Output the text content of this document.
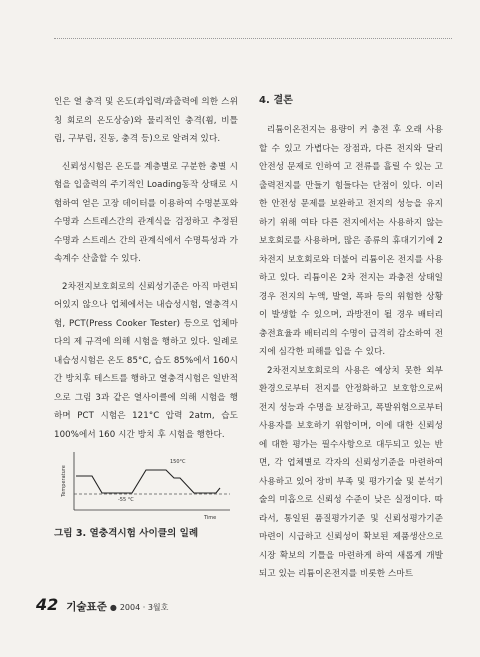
인은 열 충격 및 온도(과입력/과출력에 의한 스위칭 회로의 온도상승)와 물리적인 충격(휨, 비틀림, 구부림, 진동, 충격 등)으로 알려져 있다.

신뢰성시험은 온도를 계층별로 구분한 충별 시험을 입출력의 주기적인 Loading동작 상태로 시험하여 얻은 고장 데이터를 이용하여 수명분포와 수명과 스트레스간의 관계식을 검정하고 추정된 수명과 스트레스 간의 관계식에서 수명특성과 가속계수 산출할 수 있다.

2차전지보호회로의 신뢰성기준은 아직 마련되어있지 않으나 업체에서는 내습성시험, 열충격시험, PCT(Press Cooker Tester) 등으로 업체마다의 제 규격에 의해 시험을 행하고 있다. 일례로 내습성시험은 온도 85°C, 습도 85%에서 160시간 방치후 테스트를 행하고 열충격시험은 일반적으로 그림 3과 같은 열사이클에 의해 시험을 행하며 PCT 시험은 121°C 압력 2atm, 습도 100%에서 160 시간 방치 후 시험을 행한다.

Temperature
Time
150°C
-55 °C
그림 3. 열충격시험 사이클의 일례
4. 결론

리튬이온전지는 용량이 커 충전 후 오래 사용할 수 있고 가볍다는 장점과, 다른 전지와 달리 안전성 문제로 인하여 고 전류를 흘릴 수 있는 고 출력전지를 만들기 힘들다는 단점이 있다. 이러한 안전성 문제를 보완하고 전지의 성능을 유지하기 위해 여타 다른 전지에서는 사용하지 않는 보호회로를 사용하며, 많은 종류의 휴대기기에 2차전지 보호회로와 더불어 리튬이온 전지를 사용하고 있다. 리튬이온 2차 전지는 과충전 상태일 경우 전지의 누액, 발열, 폭파 등의 위험한 상황이 발생할 수 있으며, 과방전이 될 경우 배터리 충전효율과 배터리의 수명이 급격히 감소하여 전지에 심각한 피해를 입을 수 있다.

2차전지보호회로의 사용은 예상치 못한 외부 환경으로부터 전지를 안정화하고 보호함으로써 전지 성능과 수명을 보장하고, 폭발위험으로부터 사용자를 보호하기 위함이며, 이에 대한 신뢰성에 대한 평가는 필수사항으로 대두되고 있는 반면, 각 업체별로 각자의 신뢰성기준을 마련하여 사용하고 있어 장비 부족 및 평가기술 및 분석기술의 미흡으로 신뢰성 수준이 낮은 실정이다. 따라서, 통일된 품질평가기준 및 신뢰성평가기준 마련이 시급하고 신뢰성이 확보된 제품생산으로 시장 확보의 기틀을 마련하게 하여 새롭게 개발되고 있는 리튬이온전지를 비롯한 스마트

42 기술표준 ● 2004 · 3월호
